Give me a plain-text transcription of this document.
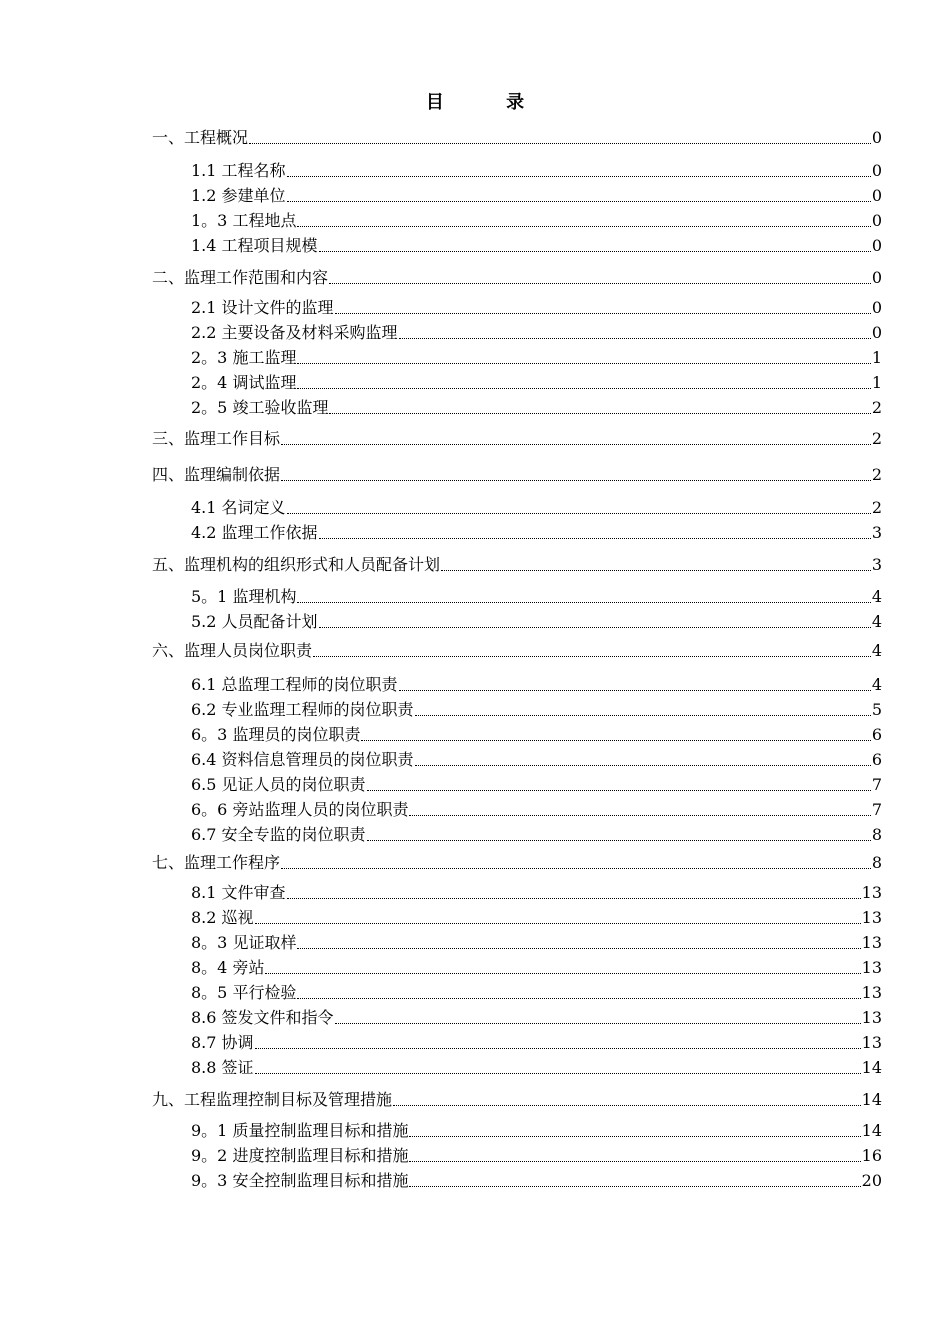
目 录
一、工程概况	0
1.1 工程名称	0
1.2 参建单位	0
1。3 工程地点	0
1.4 工程项目规模	0
二、监理工作范围和内容	0
2.1 设计文件的监理	0
2.2 主要设备及材料采购监理	0
2。3 施工监理	1
2。4 调试监理	1
2。5 竣工验收监理	2
三、监理工作目标	2
四、监理编制依据	2
4.1 名词定义	2
4.2 监理工作依据	3
五、监理机构的组织形式和人员配备计划	3
5。1 监理机构	4
5.2 人员配备计划	4
六、监理人员岗位职责	4
6.1 总监理工程师的岗位职责	4
6.2 专业监理工程师的岗位职责	5
6。3 监理员的岗位职责	6
6.4 资料信息管理员的岗位职责	6
6.5 见证人员的岗位职责	7
6。6 旁站监理人员的岗位职责	7
6.7 安全专监的岗位职责	8
七、监理工作程序	8
8.1 文件审查	13
8.2 巡视	13
8。3 见证取样	13
8。4 旁站	13
8。5 平行检验	13
8.6 签发文件和指令	13
8.7 协调	13
8.8 签证	14
九、工程监理控制目标及管理措施	14
9。1 质量控制监理目标和措施	14
9。2 进度控制监理目标和措施	16
9。3 安全控制监理目标和措施	20
